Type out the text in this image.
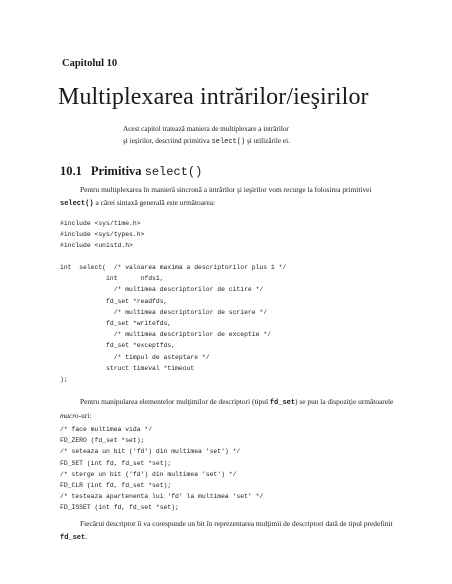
Capitolul 10
Multiplexarea intrărilor/ieşirilor
Acest capitol tratează maniera de multiplexare a intrărilor
şi ieşirilor, descriind primitiva select() şi utilizările ei.
10.1 Primitiva select()
Pentru multiplexarea în manieră sincronă a intrărilor şi ieşirilor vom recurge la folosirea primitivei select() a cărei sintaxă generală este următoarea:
#include <sys/time.h>
#include <sys/types.h>
#include <unistd.h>
int  select(  /* valoarea maxima a descriptorilor plus 1 */
int      nfds1,
/* multimea descriptorilor de citire */
fd_set *readfds,
/* multimea descriptorilor de scriere */
fd_set *writefds,
/* multimea descriptorilor de exceptie */
fd_set *exceptfds,
/* timpul de asteptare */
struct timeval *timeout
);
Pentru manipularea elementelor mulţimilor de descriptori (tipul fd_set) se pun la dispoziţie următoarele macro-uri:
/* face multimea vida */
FD_ZERO (fd_set *set);
/* seteaza un bit ('fd') din multimea 'set') */
FD_SET (int fd, fd_set *set);
/* sterge un bit ('fd') din multimea 'set') */
FD_CLR (int fd, fd_set *set);
/* testeaza apartenenta lui 'fd' la multimea 'set' */
FD_ISSET (int fd, fd_set *set);
Fiecărui descriptor îi va corespunde un bit în reprezentarea mulţimii de descriptori dată de tipul predefinit fd_set.
